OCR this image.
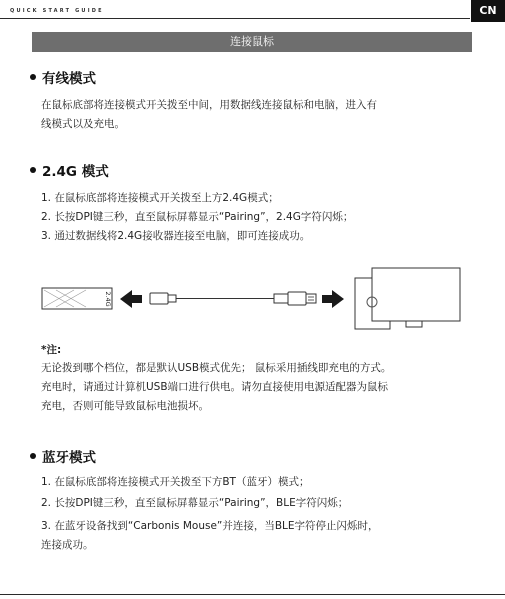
QUICK START GUIDE	CN
连接鼠标
有线模式
在鼠标底部将连接模式开关拨至中间，用数据线连接鼠标和电脑，进入有
线模式以及充电。
2.4G 模式
1. 在鼠标底部将连接模式开关拨至上方2.4G模式；
2. 长按DPI键三秒，直至鼠标屏幕显示“Pairing”，2.4G字符闪烁；
3. 通过数据线将2.4G接收器连接至电脑，即可连接成功。
2.4G
*注:
无论拨到哪个档位，都是默认USB模式优先； 鼠标采用插线即充电的方式。
充电时，请通过计算机USB端口进行供电。请勿直接使用电源适配器为鼠标
充电，否则可能导致鼠标电池损坏。
蓝牙模式
1. 在鼠标底部将连接模式开关拨至下方BT（蓝牙）模式；
2. 长按DPI键三秒，直至鼠标屏幕显示“Pairing”，BLE字符闪烁；
3. 在蓝牙设备找到“Carbonis Mouse”并连接，当BLE字符停止闪烁时，
连接成功。
